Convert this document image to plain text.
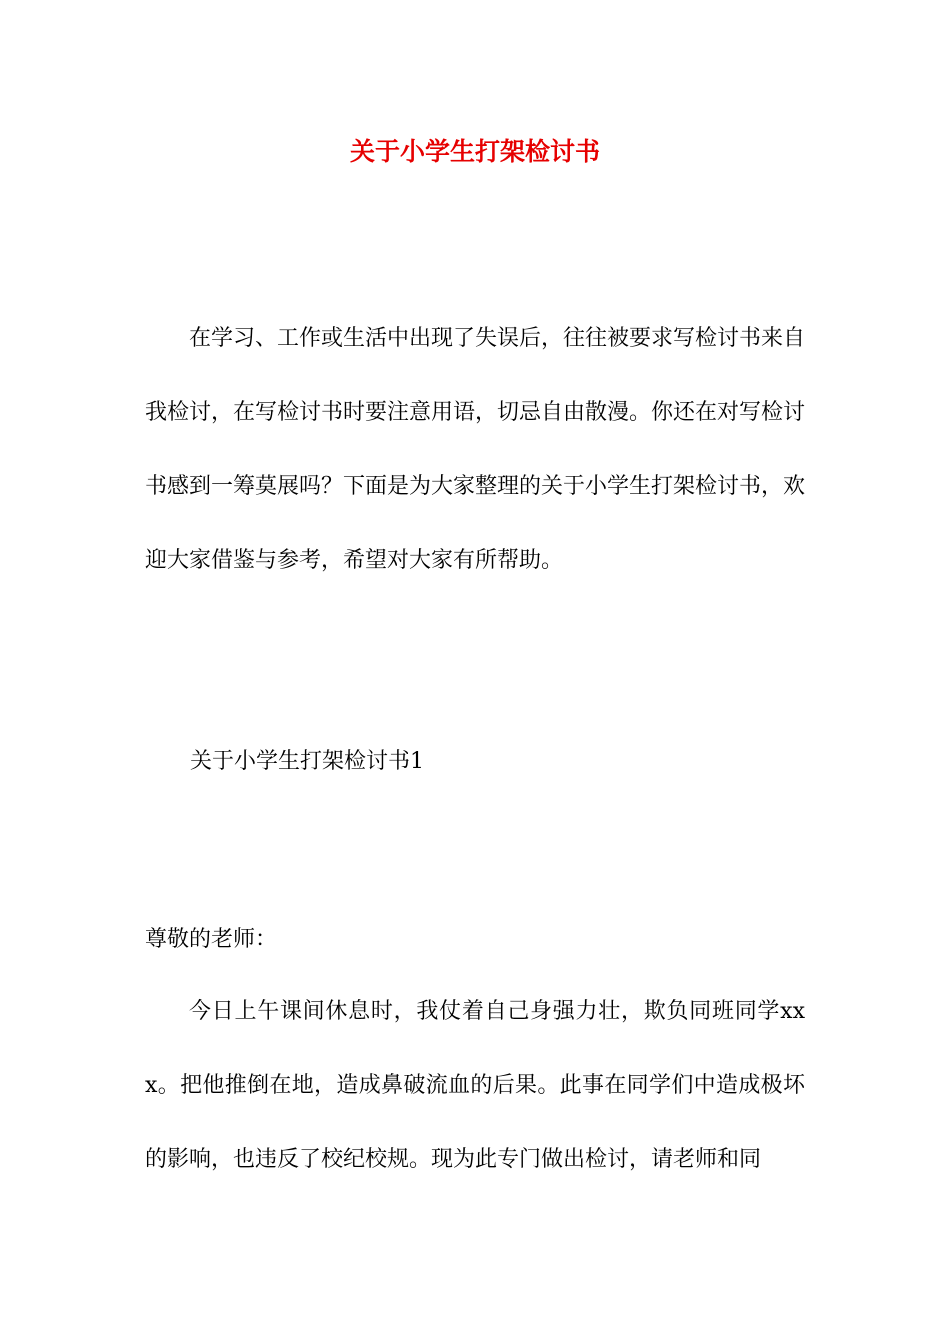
关于小学生打架检讨书

在学习、工作或生活中出现了失误后，往往被要求写检讨书来自我检讨，在写检讨书时要注意用语，切忌自由散漫。你还在对写检讨书感到一筹莫展吗？下面是为大家整理的关于小学生打架检讨书，欢迎大家借鉴与参考，希望对大家有所帮助。

关于小学生打架检讨书1

尊敬的老师：

今日上午课间休息时，我仗着自己身强力壮，欺负同班同学xxx。把他推倒在地，造成鼻破流血的后果。此事在同学们中造成极坏的影响，也违反了校纪校规。现为此专门做出检讨，请老师和同
